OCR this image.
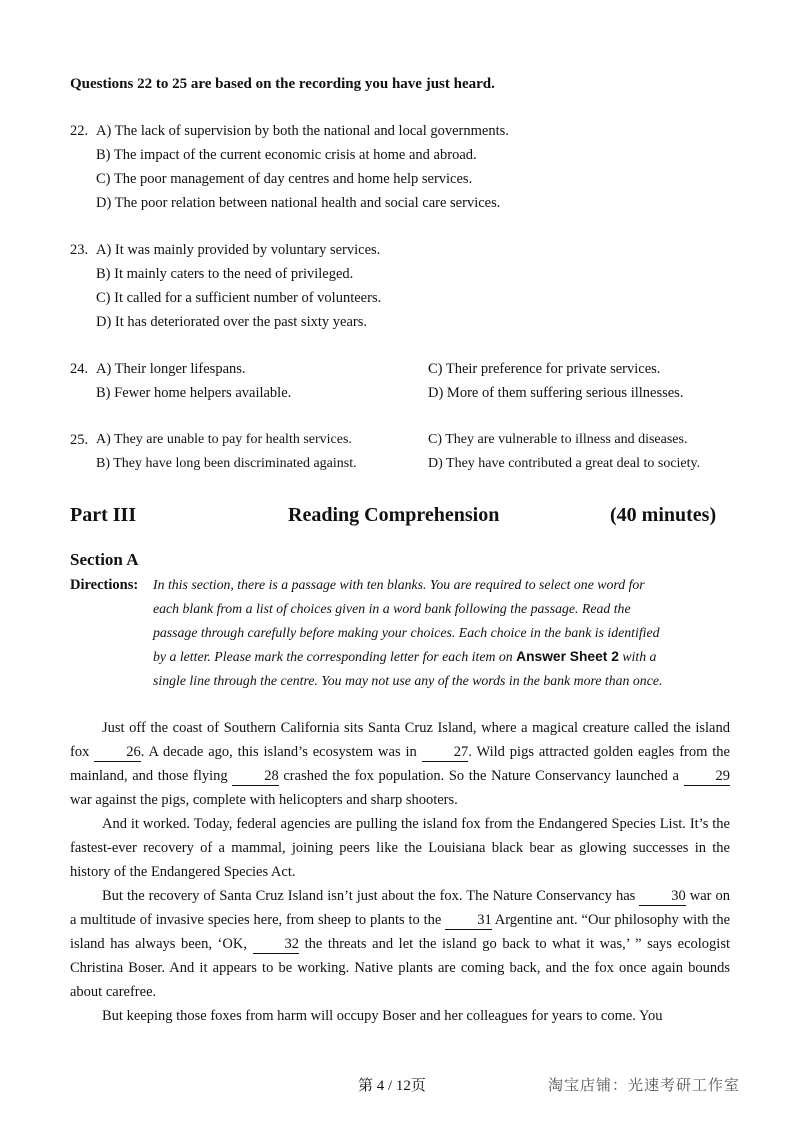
Questions 22 to 25 are based on the recording you have just heard.
22. A) The lack of supervision by both the national and local governments.
B) The impact of the current economic crisis at home and abroad.
C) The poor management of day centres and home help services.
D) The poor relation between national health and social care services.
23. A) It was mainly provided by voluntary services.
B) It mainly caters to the need of privileged.
C) It called for a sufficient number of volunteers.
D) It has deteriorated over the past sixty years.
24. A) Their longer lifespans.
B) Fewer home helpers available.
C) Their preference for private services.
D) More of them suffering serious illnesses.
25. A) They are unable to pay for health services.
B) They have long been discriminated against.
C) They are vulnerable to illness and diseases.
D) They have contributed a great deal to society.
Part III	Reading Comprehension	(40 minutes)
Section A
Directions: In this section, there is a passage with ten blanks. You are required to select one word for
each blank from a list of choices given in a word bank following the passage. Read the
passage through carefully before making your choices. Each choice in the bank is identified
by a letter. Please mark the corresponding letter for each item on Answer Sheet 2 with a
single line through the centre. You may not use any of the words in the bank more than once.
Just off the coast of Southern California sits Santa Cruz Island, where a magical creature called the island fox 26. A decade ago, this island’s ecosystem was in 27. Wild pigs attracted golden eagles from the mainland, and those flying 28 crashed the fox population. So the Nature Conservancy launched a 29 war against the pigs, complete with helicopters and sharp shooters.
And it worked. Today, federal agencies are pulling the island fox from the Endangered Species List. It’s the fastest-ever recovery of a mammal, joining peers like the Louisiana black bear as glowing successes in the history of the Endangered Species Act.
But the recovery of Santa Cruz Island isn’t just about the fox. The Nature Conservancy has 30 war on a multitude of invasive species here, from sheep to plants to the 31 Argentine ant. “Our philosophy with the island has always been, ‘OK, 32 the threats and let the island go back to what it was,’ ” says ecologist Christina Boser. And it appears to be working. Native plants are coming back, and the fox once again bounds about carefree.
But keeping those foxes from harm will occupy Boser and her colleagues for years to come. You
第 4 / 12页	淘宝店铺：光速考研工作室
